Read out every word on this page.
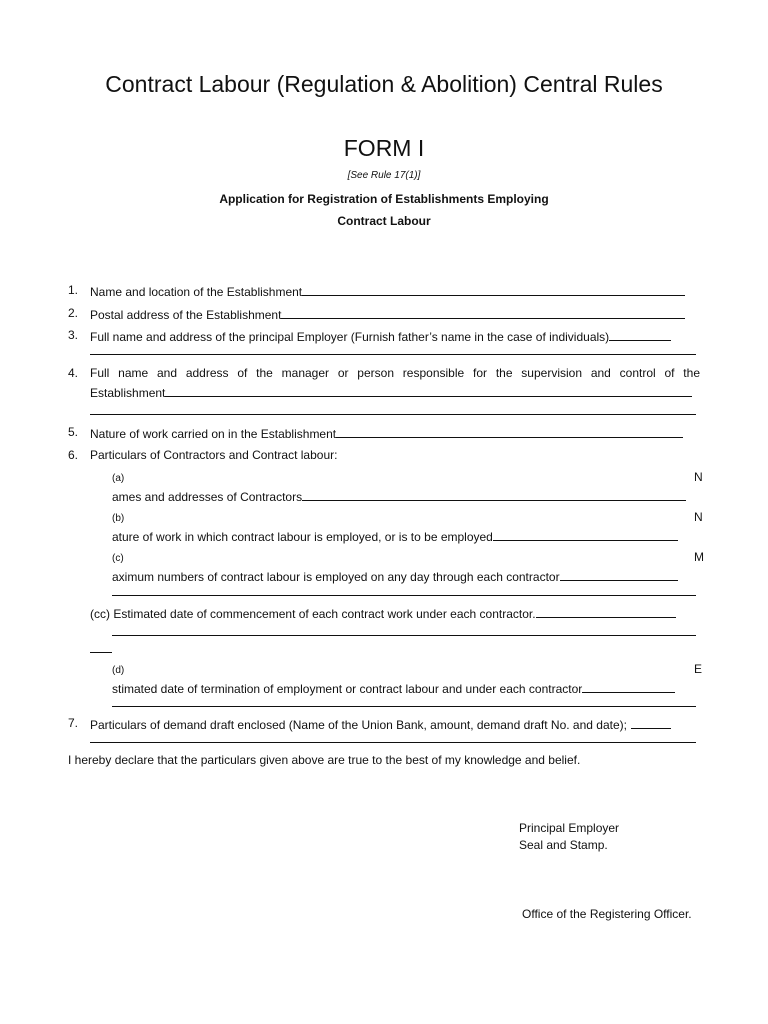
Contract Labour (Regulation & Abolition) Central Rules
FORM I
[See Rule 17(1)]
Application for Registration of Establishments Employing
Contract Labour
1. Name and location of the Establishment
2. Postal address of the Establishment
3. Full name and address of the principal Employer (Furnish father’s name in the case of individuals)
4. Full name and address of the manager or person responsible for the supervision and control of the
Establishment
5. Nature of work carried on in the Establishment
6. Particulars of Contractors and Contract labour:
(a)	N
ames and addresses of Contractors
(b)	N
ature of work in which contract labour is employed, or is to be employed
(c)	M
aximum numbers of contract labour is employed on any day through each contractor
(cc) Estimated date of commencement of each contract work under each contractor.
(d)	E
stimated date of termination of employment or contract labour and under each contractor
7. Particulars of demand draft enclosed (Name of the Union Bank, amount, demand draft No. and date);
I hereby declare that the particulars given above are true to the best of my knowledge and belief.
Principal Employer
Seal and Stamp.
Office of the Registering Officer.
